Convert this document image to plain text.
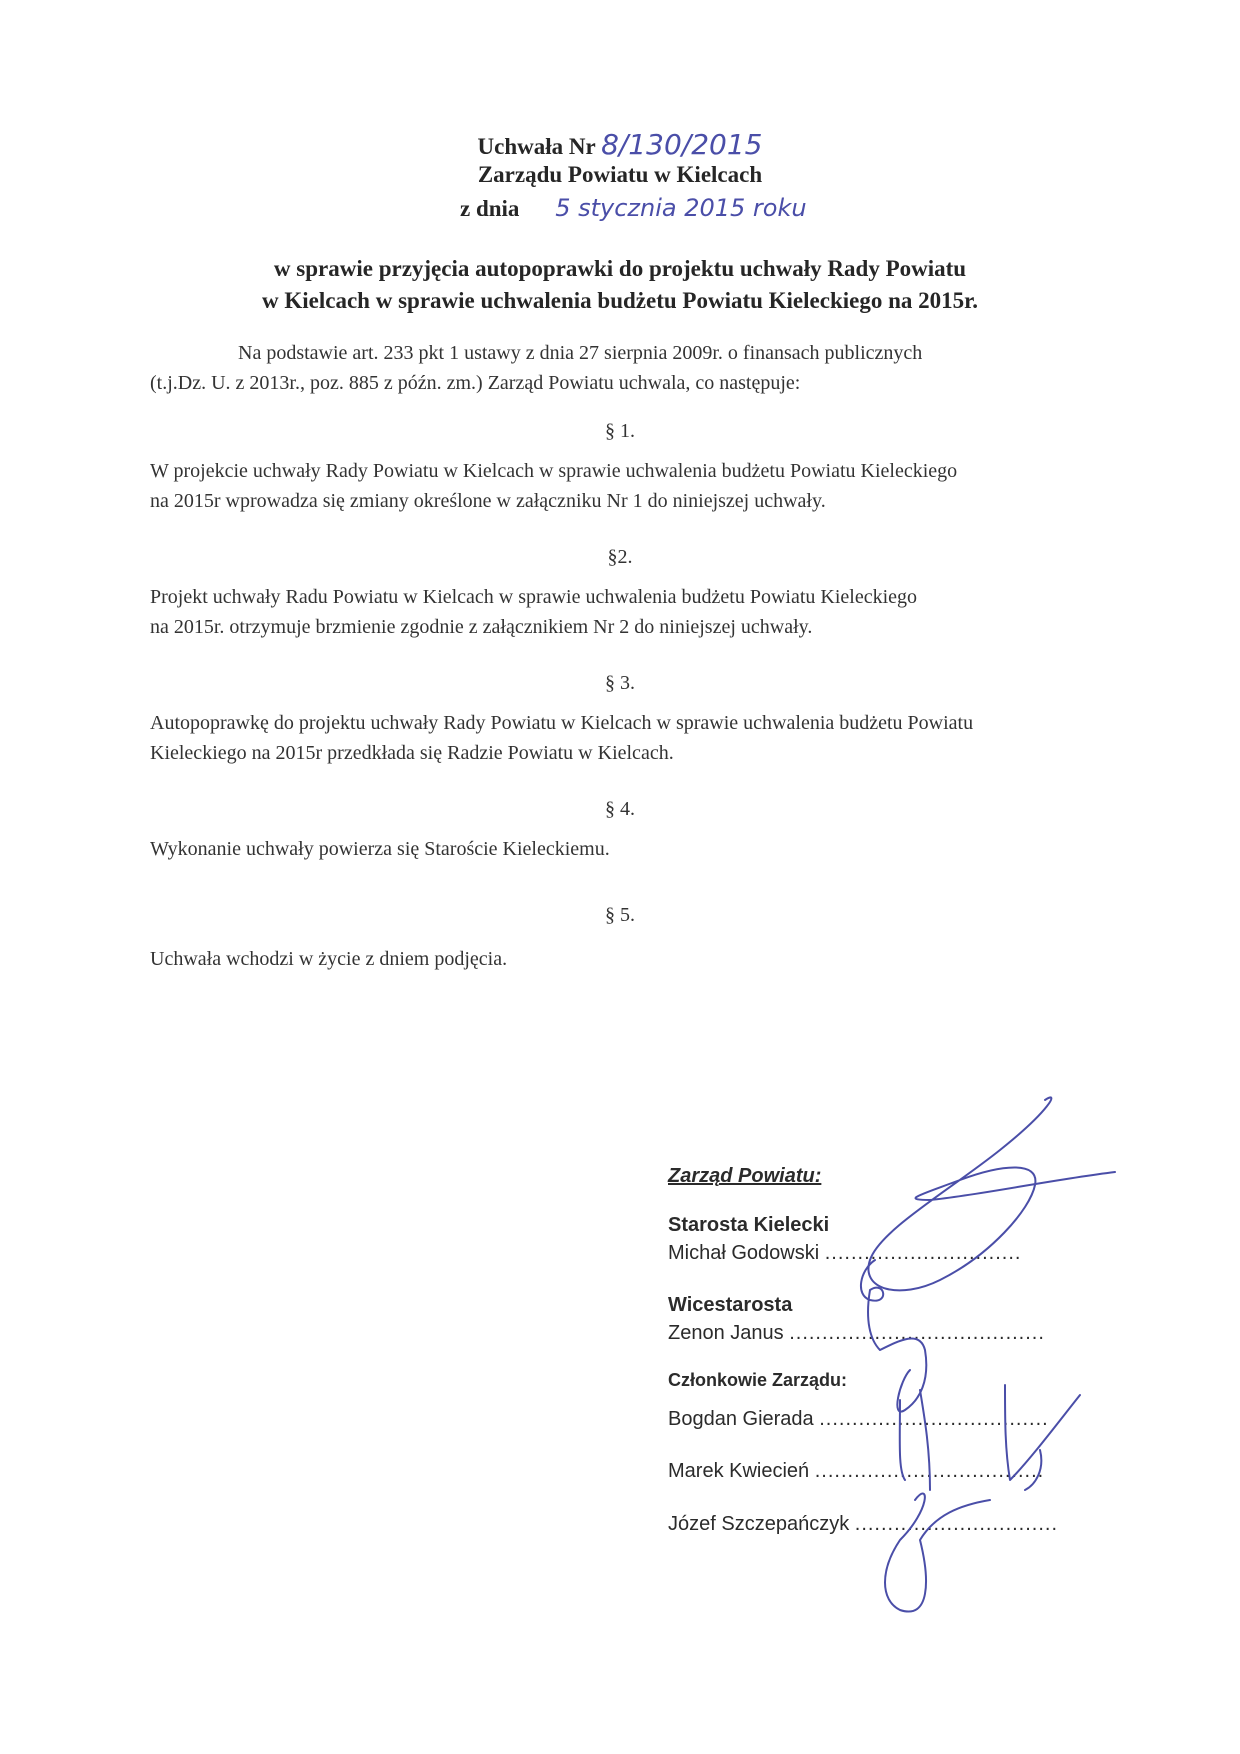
Uchwała Nr 8/130/2015
Zarządu Powiatu w Kielcach
z dnia 5 stycznia 2015 roku
w sprawie przyjęcia autopoprawki do projektu uchwały Rady Powiatu
w Kielcach w sprawie uchwalenia budżetu Powiatu Kieleckiego na 2015r.
Na podstawie art. 233 pkt 1 ustawy z dnia 27 sierpnia 2009r. o finansach publicznych
(t.j.Dz. U. z 2013r., poz. 885 z późn. zm.) Zarząd Powiatu uchwala, co następuje:
§ 1.
W projekcie uchwały Rady Powiatu w Kielcach w sprawie uchwalenia budżetu Powiatu Kieleckiego
na 2015r wprowadza się zmiany określone w załączniku Nr 1 do niniejszej uchwały.
§2.
Projekt uchwały Radu Powiatu w Kielcach w sprawie uchwalenia budżetu Powiatu Kieleckiego
na 2015r. otrzymuje brzmienie zgodnie z załącznikiem Nr 2 do niniejszej uchwały.
§ 3.
Autopoprawkę do projektu uchwały Rady Powiatu w Kielcach w sprawie uchwalenia budżetu Powiatu
Kieleckiego na 2015r przedkłada się Radzie Powiatu w Kielcach.
§ 4.
Wykonanie uchwały powierza się Staroście Kieleckiemu.
§ 5.
Uchwała wchodzi w życie z dniem podjęcia.
Zarząd Powiatu:
Starosta Kielecki
Michał Godowski ..............................
Wicestarosta
Zenon Janus .......................................
Członkowie Zarządu:
Bogdan Gierada ...................................
Marek Kwiecień ...................................
Józef Szczepańczyk ...............................
